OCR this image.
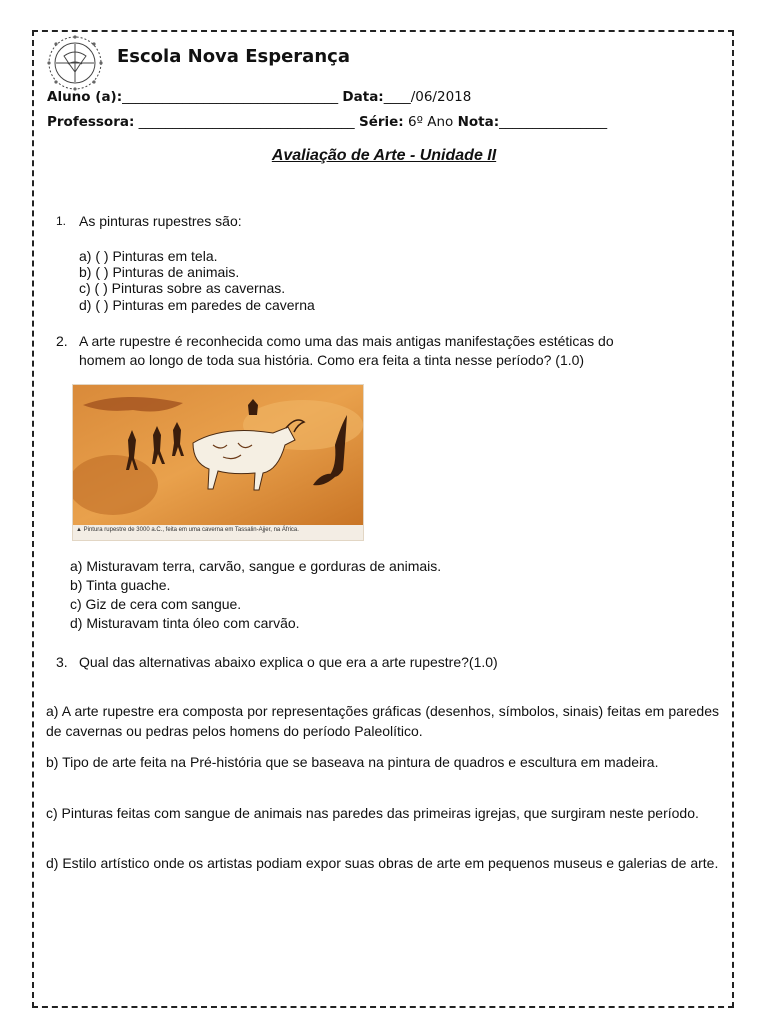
Escola Nova Esperança
Aluno (a):________________________________ Data:____/06/2018
Professora: ________________________________ Série: 6º Ano Nota:________________
Avaliação de Arte - Unidade II
1. As pinturas rupestres são:
a) ( ) Pinturas em tela.
b) ( ) Pinturas de animais.
c) ( ) Pinturas sobre as cavernas.
d) ( ) Pinturas em paredes de caverna
2. A arte rupestre é reconhecida como uma das mais antigas manifestações estéticas do
homem ao longo de toda sua história. Como era feita a tinta nesse período? (1.0)
▲ Pintura rupestre de 3000 a.C., feita em uma caverna em Tassalin-Ajjer, na África.
a) Misturavam terra, carvão, sangue e gorduras de animais.
b) Tinta guache.
c) Giz de cera com sangue.
d) Misturavam tinta óleo com carvão.
3. Qual das alternativas abaixo explica o que era a arte rupestre?(1.0)
a) A arte rupestre era composta por representações gráficas (desenhos, símbolos, sinais) feitas em paredes de cavernas ou pedras pelos homens do período Paleolítico.
b) Tipo de arte feita na Pré-história que se baseava na pintura de quadros e escultura em madeira.
c) Pinturas feitas com sangue de animais nas paredes das primeiras igrejas, que surgiram neste período.
d) Estilo artístico onde os artistas podiam expor suas obras de arte em pequenos museus e galerias de arte.
